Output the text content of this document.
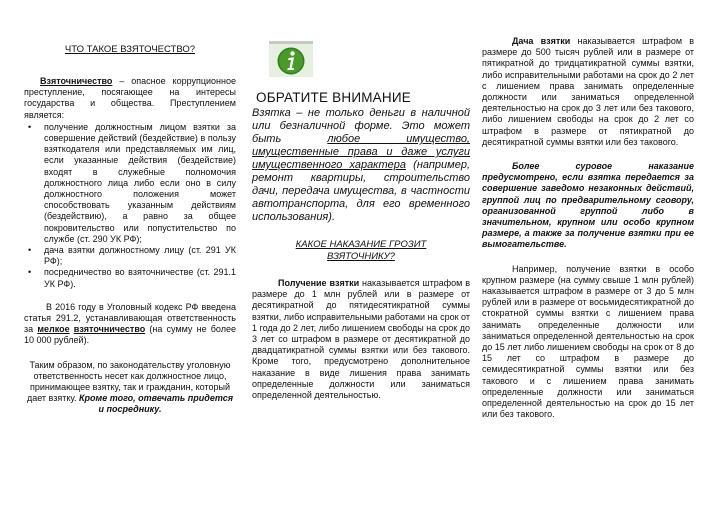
ЧТО ТАКОЕ ВЗЯТОЧЕСТВО?

Взяточничество – опасное коррупционное преступление, посягающее на интересы государства и общества. Преступлением является:

• получение должностным лицом взятки за совершение действий (бездействие) в пользу взяткодателя или представляемых им лиц, если указанные действия (бездействие) входят в служебные полномочия должностного лица либо если оно в силу должностного положения может способствовать указанным действиям (бездействию), а равно за общее покровительство или попустительство по службе (ст. 290 УК РФ);
• дача взятки должностному лицу (ст. 291 УК РФ);
• посредничество во взяточничестве (ст. 291.1 УК РФ).

В 2016 году в Уголовный кодекс РФ введена статья 291.2, устанавливающая ответственность за мелкое взяточничество (на сумму не более 10 000 рублей).

Таким образом, по законодательству уголовную ответственность несет как должностное лицо, принимающее взятку, так и гражданин, который дает взятку. Кроме того, отвечать придется и посреднику.

ОБРАТИТЕ ВНИМАНИЕ

Взятка – не только деньги в наличной или безналичной форме. Это может быть любое имущество, имущественные права и даже услуги имущественного характера (например, ремонт квартиры, строительство дачи, передача имущества, в частности автотранспорта, для его временного использования).

КАКОЕ НАКАЗАНИЕ ГРОЗИТ ВЗЯТОЧНИКУ?

Получение взятки наказывается штрафом в размере до 1 млн рублей или в размере от десятикратной до пятидесятикратной суммы взятки, либо исправительными работами на срок от 1 года до 2 лет, либо лишением свободы на срок до 3 лет со штрафом в размере от десятикратной до двадцатикратной суммы взятки или без такового. Кроме того, предусмотрено дополнительное наказание в виде лишения права занимать определенные должности или заниматься определенной деятельностью.

Дача взятки наказывается штрафом в размере до 500 тысяч рублей или в размере от пятикратной до тридцатикратной суммы взятки, либо исправительными работами на срок до 2 лет с лишением права занимать определенные должности или заниматься определенной деятельностью на срок до 3 лет или без такового, либо лишением свободы на срок до 2 лет со штрафом в размере от пятикратной до десятикратной суммы взятки или без такового.

Более суровое наказание предусмотрено, если взятка передается за совершение заведомо незаконных действий, группой лиц по предварительному сговору, организованной группой либо в значительном, крупном или особо крупном размере, а также за получение взятки при ее вымогательстве.

Например, получение взятки в особо крупном размере (на сумму свыше 1 млн рублей) наказывается штрафом в размере от 3 до 5 млн рублей или в размере от восьмидесятикратной до стократной суммы взятки с лишением права занимать определенные должности или заниматься определенной деятельностью на срок до 15 лет либо лишением свободы на срок от 8 до 15 лет со штрафом в размере до семидесятикратной суммы взятки или без такового и с лишением права занимать определенные должности или заниматься определенной деятельностью на срок до 15 лет или без такового.
